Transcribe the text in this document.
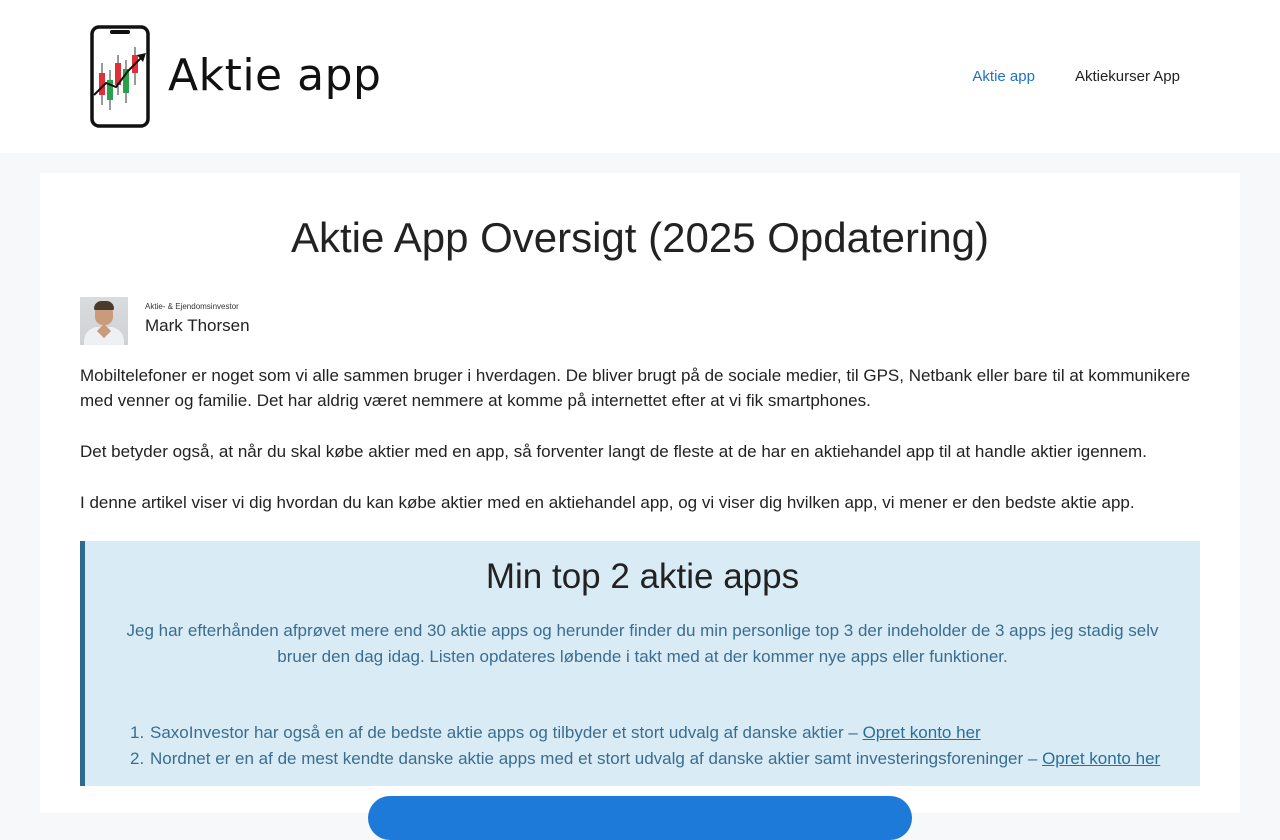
Aktie app	Aktie app	Aktiekurser App
Aktie App Oversigt (2025 Opdatering)
Aktie- & Ejendomsinvestor
Mark Thorsen

Mobiltelefoner er noget som vi alle sammen bruger i hverdagen. De bliver brugt på de sociale medier, til GPS, Netbank eller bare til at kommunikere med venner og familie. Det har aldrig været nemmere at komme på internettet efter at vi fik smartphones.

Det betyder også, at når du skal købe aktier med en app, så forventer langt de fleste at de har en aktiehandel app til at handle aktier igennem.

I denne artikel viser vi dig hvordan du kan købe aktier med en aktiehandel app, og vi viser dig hvilken app, vi mener er den bedste aktie app.

Min top 2 aktie apps

Jeg har efterhånden afprøvet mere end 30 aktie apps og herunder finder du min personlige top 3 der indeholder de 3 apps jeg stadig selv bruer den dag idag. Listen opdateres løbende i takt med at der kommer nye apps eller funktioner.

1. SaxoInvestor har også en af de bedste aktie apps og tilbyder et stort udvalg af danske aktier – Opret konto her
2. Nordnet er en af de mest kendte danske aktie apps med et stort udvalg af danske aktier samt investeringsforeninger – Opret konto her
